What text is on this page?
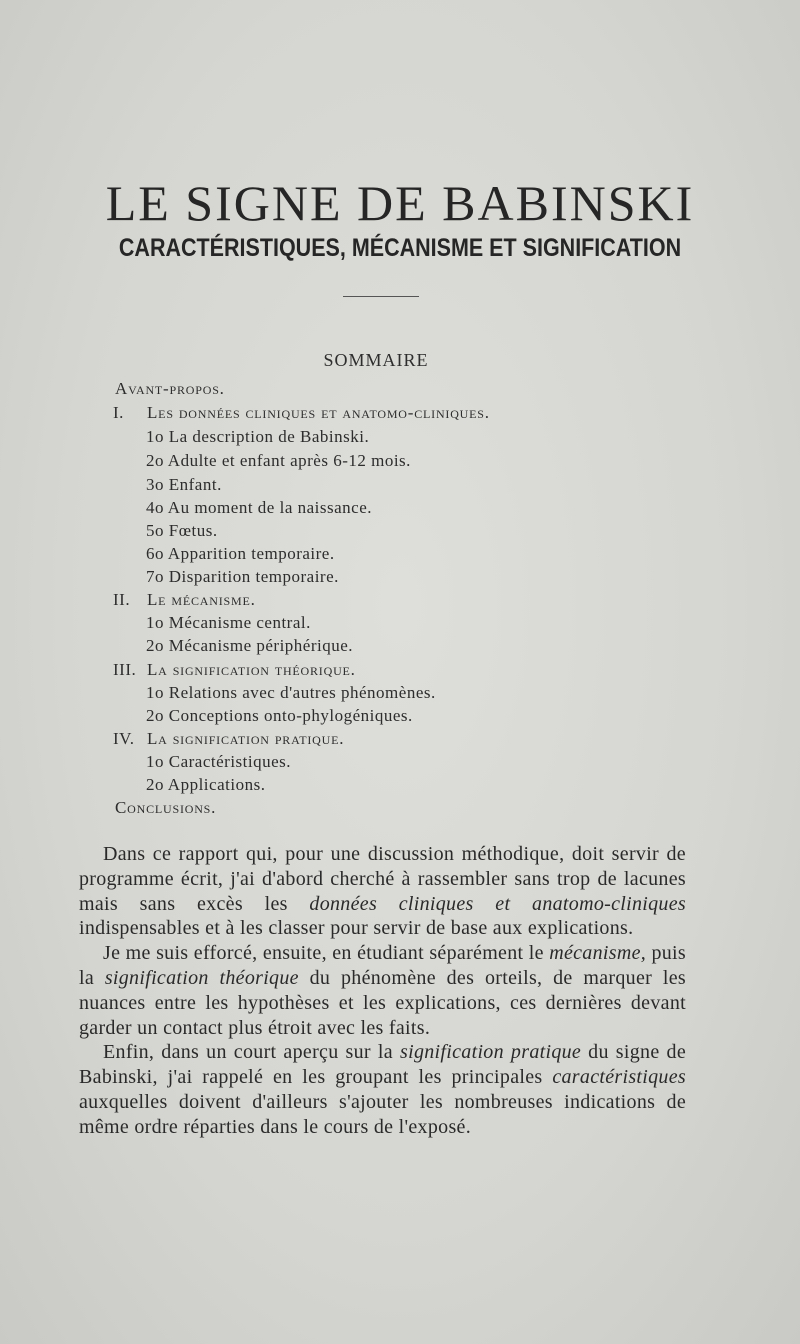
LE SIGNE DE BABINSKI
CARACTÉRISTIQUES, MÉCANISME ET SIGNIFICATION
SOMMAIRE
Avant-propos.
I. Les données cliniques et anatomo-cliniques.
1o La description de Babinski.
2o Adulte et enfant après 6-12 mois.
3o Enfant.
4o Au moment de la naissance.
5o Fœtus.
6o Apparition temporaire.
7o Disparition temporaire.
II. Le mécanisme.
1o Mécanisme central.
2o Mécanisme périphérique.
III. La signification théorique.
1o Relations avec d'autres phénomènes.
2o Conceptions onto-phylogéniques.
IV. La signification pratique.
1o Caractéristiques.
2o Applications.
Conclusions.

Dans ce rapport qui, pour une discussion méthodique, doit servir de programme écrit, j'ai d'abord cherché à rassembler sans trop de lacunes mais sans excès les données cliniques et anatomo-cliniques indispensables et à les classer pour servir de base aux explications.

Je me suis efforcé, ensuite, en étudiant séparément le mécanisme, puis la signification théorique du phénomène des orteils, de marquer les nuances entre les hypothèses et les explications, ces dernières devant garder un contact plus étroit avec les faits.

Enfin, dans un court aperçu sur la signification pratique du signe de Babinski, j'ai rappelé en les groupant les principales caractéristiques auxquelles doivent d'ailleurs s'ajouter les nombreuses indications de même ordre réparties dans le cours de l'exposé.
